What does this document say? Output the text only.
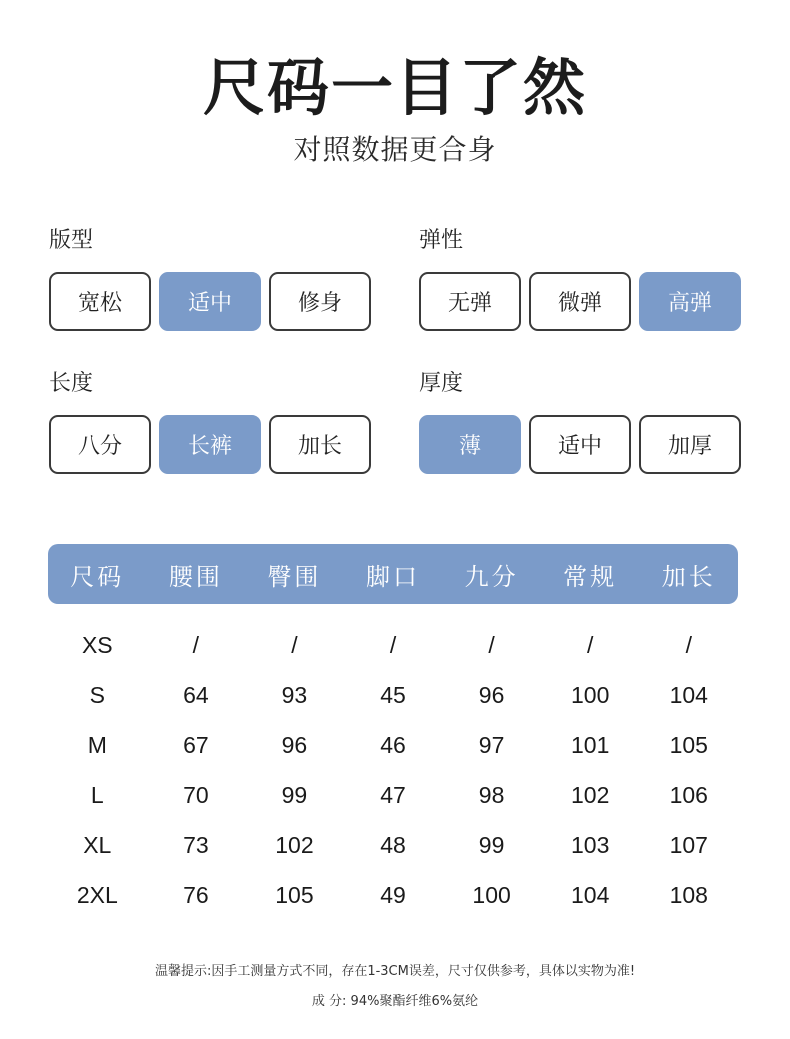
尺码一目了然
对照数据更合身
版型
宽松	适中	修身
弹性
无弹	微弹	高弹
长度
八分	长裤	加长
厚度
薄	适中	加厚
尺码	腰围	臀围	脚口	九分	常规	加长
XS	/	/	/	/	/	/
S	64	93	45	96	100	104
M	67	96	46	97	101	105
L	70	99	47	98	102	106
XL	73	102	48	99	103	107
2XL	76	105	49	100	104	108
温馨提示:因手工测量方式不同，存在1-3CM误差，尺寸仅供参考，具体以实物为准!
成 分: 94%聚酯纤维6%氨纶
